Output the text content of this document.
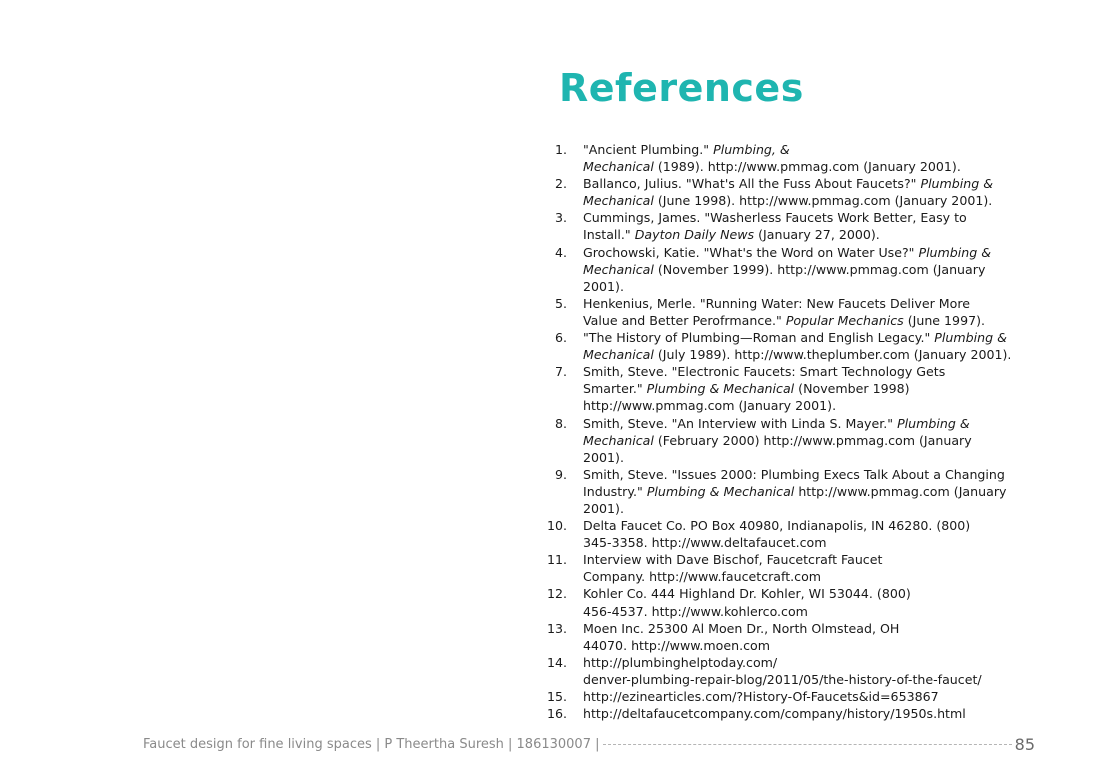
References
1. "Ancient Plumbing." Plumbing, &
Mechanical (1989). http://www.pmmag.com (January 2001).
2. Ballanco, Julius. "What's All the Fuss About Faucets?" Plumbing &
Mechanical (June 1998). http://www.pmmag.com (January 2001).
3. Cummings, James. "Washerless Faucets Work Better, Easy to
Install." Dayton Daily News (January 27, 2000).
4. Grochowski, Katie. "What's the Word on Water Use?" Plumbing &
Mechanical (November 1999). http://www.pmmag.com (January
2001).
5. Henkenius, Merle. "Running Water: New Faucets Deliver More
Value and Better Perofrmance." Popular Mechanics (June 1997).
6. "The History of Plumbing—Roman and English Legacy." Plumbing &
Mechanical (July 1989). http://www.theplumber.com (January 2001).
7. Smith, Steve. "Electronic Faucets: Smart Technology Gets
Smarter." Plumbing & Mechanical (November 1998)
http://www.pmmag.com (January 2001).
8. Smith, Steve. "An Interview with Linda S. Mayer." Plumbing &
Mechanical (February 2000) http://www.pmmag.com (January
2001).
9. Smith, Steve. "Issues 2000: Plumbing Execs Talk About a Changing
Industry." Plumbing & Mechanical http://www.pmmag.com (January
2001).
10. Delta Faucet Co. PO Box 40980, Indianapolis, IN 46280. (800)
345-3358. http://www.deltafaucet.com
11. Interview with Dave Bischof, Faucetcraft Faucet
Company. http://www.faucetcraft.com
12. Kohler Co. 444 Highland Dr. Kohler, WI 53044. (800)
456-4537. http://www.kohlerco.com
13. Moen Inc. 25300 Al Moen Dr., North Olmstead, OH
44070. http://www.moen.com
14. http://plumbinghelptoday.com/
denver-plumbing-repair-blog/2011/05/the-history-of-the-faucet/
15. http://ezinearticles.com/?History-Of-Faucets&id=653867
16. http://deltafaucetcompany.com/company/history/1950s.html
Faucet design for fine living spaces | P Theertha Suresh | 186130007 |	85
